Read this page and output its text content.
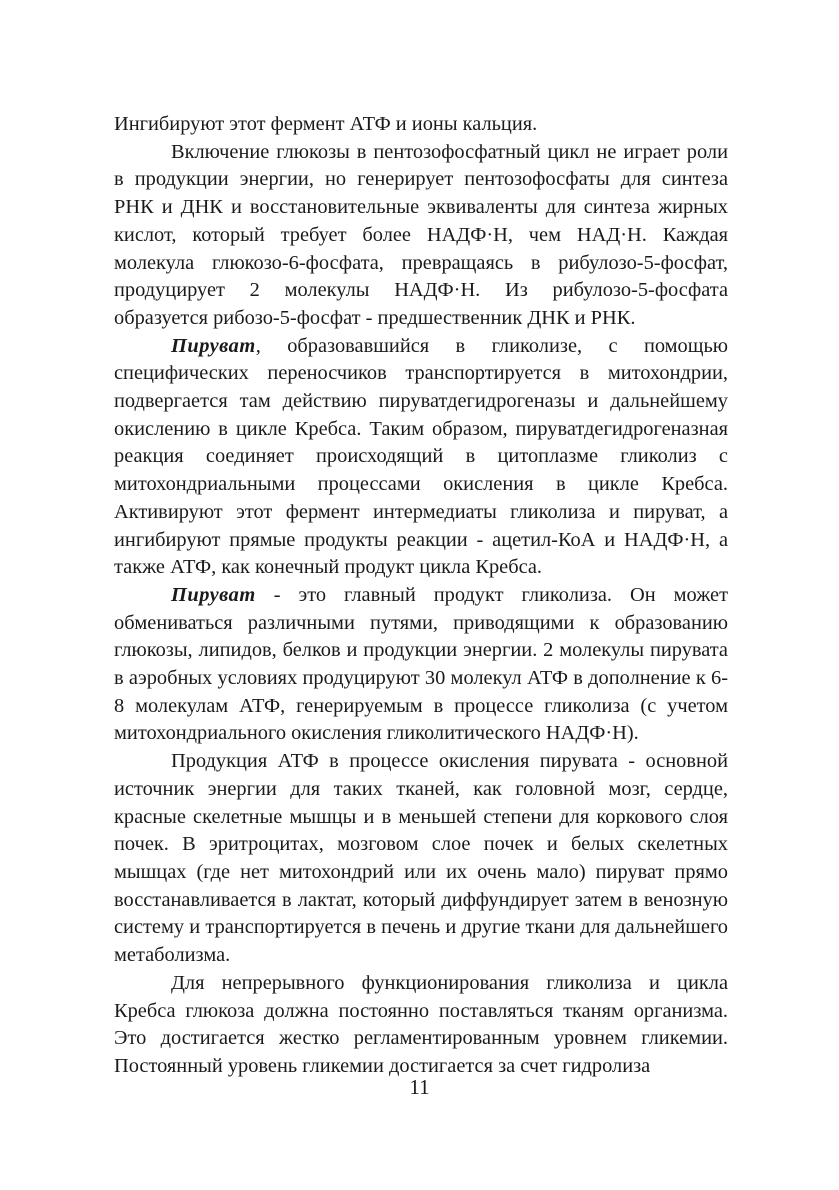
Ингибируют этот фермент АТФ и ионы кальция.

Включение глюкозы в пентозофосфатный цикл не играет роли в продукции энергии, но генерирует пентозофосфаты для синтеза РНК и ДНК и восстановительные эквиваленты для синтеза жирных кислот, который требует более НАДФ·Н, чем НАД·Н. Каждая молекула глюкозо-6-фосфата, превращаясь в рибулозо-5-фосфат, продуцирует 2 молекулы НАДФ·Н. Из рибулозо-5-фосфата образуется рибозо-5-фосфат - предшественник ДНК и РНК.

Пируват, образовавшийся в гликолизе, с помощью специфических переносчиков транспортируется в митохондрии, подвергается там действию пируватдегидрогеназы и дальнейшему окислению в цикле Кребса. Таким образом, пируватдегидрогеназная реакция соединяет происходящий в цитоплазме гликолиз с митохондриальными процессами окисления в цикле Кребса. Активируют этот фермент интермедиаты гликолиза и пируват, а ингибируют прямые продукты реакции - ацетил-КоА и НАДФ·Н, а также АТФ, как конечный продукт цикла Кребса.

Пируват - это главный продукт гликолиза. Он может обмениваться различными путями, приводящими к образованию глюкозы, липидов, белков и продукции энергии. 2 молекулы пирувата в аэробных условиях продуцируют 30 молекул АТФ в дополнение к 6-8 молекулам АТФ, генерируемым в процессе гликолиза (с учетом митохондриального окисления гликолитического НАДФ·Н).

Продукция АТФ в процессе окисления пирувата - основной источник энергии для таких тканей, как головной мозг, сердце, красные скелетные мышцы и в меньшей степени для коркового слоя почек. В эритроцитах, мозговом слое почек и белых скелетных мышцах (где нет митохондрий или их очень мало) пируват прямо восстанавливается в лактат, который диффундирует затем в венозную систему и транспортируется в печень и другие ткани для дальнейшего метаболизма.

Для непрерывного функционирования гликолиза и цикла Кребса глюкоза должна постоянно поставляться тканям организма. Это достигается жестко регламентированным уровнем гликемии. Постоянный уровень гликемии достигается за счет гидролиза

11
